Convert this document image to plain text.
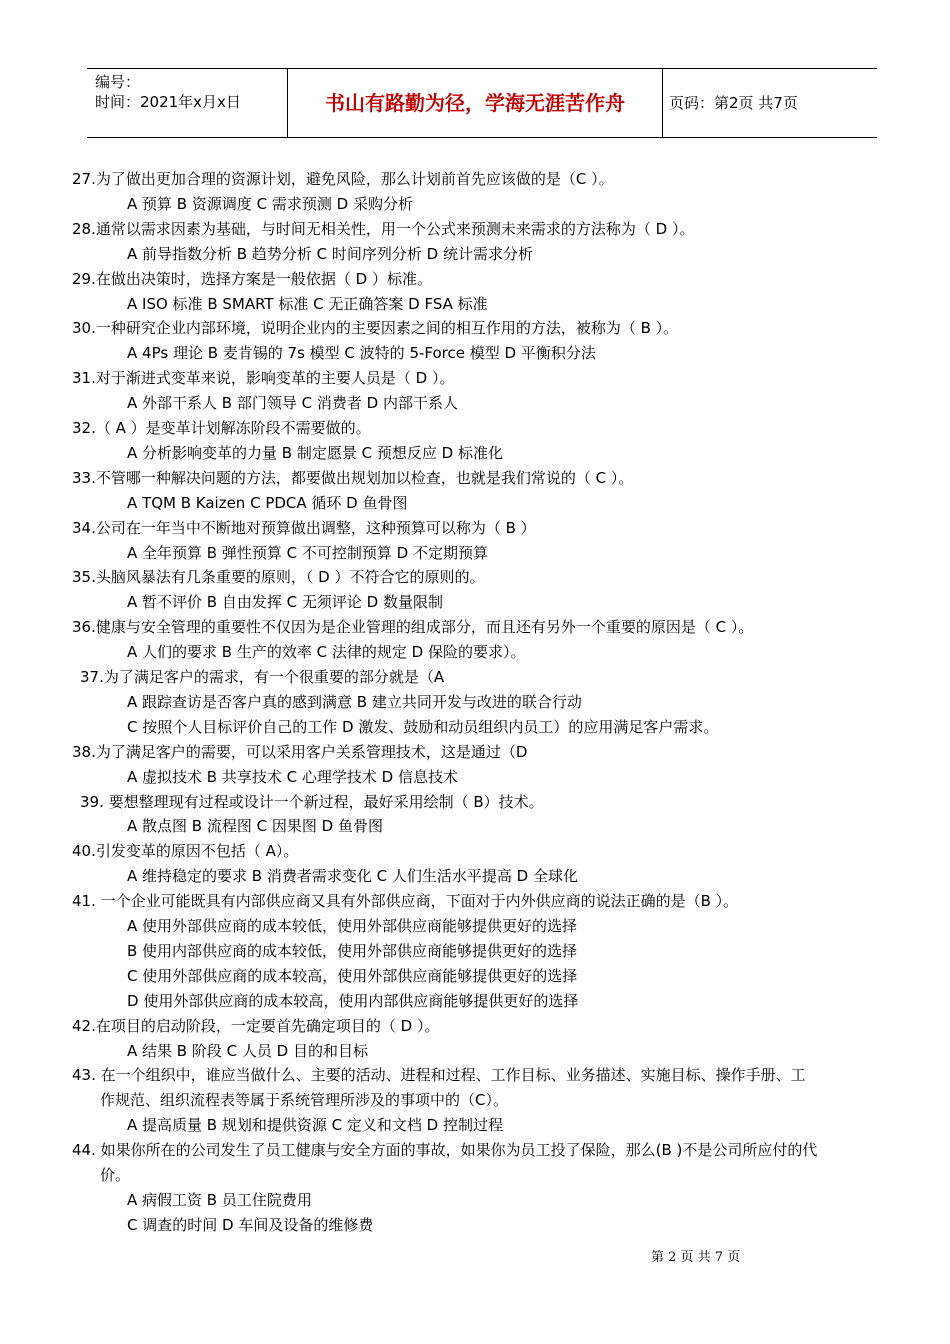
编号：
时间：2021年x月x日	书山有路勤为径，学海无涯苦作舟	页码：第2页 共7页
27.为了做出更加合理的资源计划，避免风险，那么计划前首先应该做的是（C ）。
A 预算 B 资源调度 C 需求预测 D 采购分析
28.通常以需求因素为基础，与时间无相关性，用一个公式来预测未来需求的方法称为（ D ）。
A 前导指数分析 B 趋势分析 C 时间序列分析 D 统计需求分析
29.在做出决策时，选择方案是一般依据（ D ）标准。
A ISO 标准 B SMART 标准 C 无正确答案 D FSA 标准
30.一种研究企业内部环境，说明企业内的主要因素之间的相互作用的方法，被称为（ B ）。
A 4Ps 理论 B 麦肯锡的 7s 模型 C 波特的 5-Force 模型 D 平衡积分法
31.对于渐进式变革来说，影响变革的主要人员是（ D ）。
A 外部干系人 B 部门领导 C 消费者 D 内部干系人
32.（ A ）是变革计划解冻阶段不需要做的。
A 分析影响变革的力量 B 制定愿景 C 预想反应 D 标准化
33.不管哪一种解决问题的方法，都要做出规划加以检查，也就是我们常说的（ C ）。
A TQM B Kaizen C PDCA 循环 D 鱼骨图
34.公司在一年当中不断地对预算做出调整，这种预算可以称为（ B ）
A 全年预算 B 弹性预算 C 不可控制预算 D 不定期预算
35.头脑风暴法有几条重要的原则，（ D ）不符合它的原则的。
A 暂不评价 B 自由发挥 C 无须评论 D 数量限制
36.健康与安全管理的重要性不仅因为是企业管理的组成部分，而且还有另外一个重要的原因是（ C ）。
A 人们的要求 B 生产的效率 C 法律的规定 D 保险的要求）。
37.为了满足客户的需求，有一个很重要的部分就是（A
A 跟踪查访是否客户真的感到满意 B 建立共同开发与改进的联合行动
C 按照个人目标评价自己的工作 D 激发、鼓励和动员组织内员工）的应用满足客户需求。
38.为了满足客户的需要，可以采用客户关系管理技术，这是通过（D
A 虚拟技术 B 共享技术 C 心理学技术 D 信息技术
39. 要想整理现有过程或设计一个新过程，最好采用绘制（ B）技术。
A 散点图 B 流程图 C 因果图 D 鱼骨图
40.引发变革的原因不包括（ A）。
A 维持稳定的要求 B 消费者需求变化 C 人们生活水平提高 D 全球化
41. 一个企业可能既具有内部供应商又具有外部供应商，下面对于内外供应商的说法正确的是（B ）。
A 使用外部供应商的成本较低，使用外部供应商能够提供更好的选择
B 使用内部供应商的成本较低，使用外部供应商能够提供更好的选择
C 使用外部供应商的成本较高，使用外部供应商能够提供更好的选择
D 使用外部供应商的成本较高，使用内部供应商能够提供更好的选择
42.在项目的启动阶段，一定要首先确定项目的（ D ）。
A 结果 B 阶段 C 人员 D 目的和目标
43. 在一个组织中，谁应当做什么、主要的活动、进程和过程、工作目标、业务描述、实施目标、操作手册、工
作规范、组织流程表等属于系统管理所涉及的事项中的（C）。
A 提高质量 B 规划和提供资源 C 定义和文档 D 控制过程
44. 如果你所在的公司发生了员工健康与安全方面的事故，如果你为员工投了保险，那么(B )不是公司所应付的代
价。
A 病假工资 B 员工住院费用
C 调查的时间 D 车间及设备的维修费
第 2 页 共 7 页
